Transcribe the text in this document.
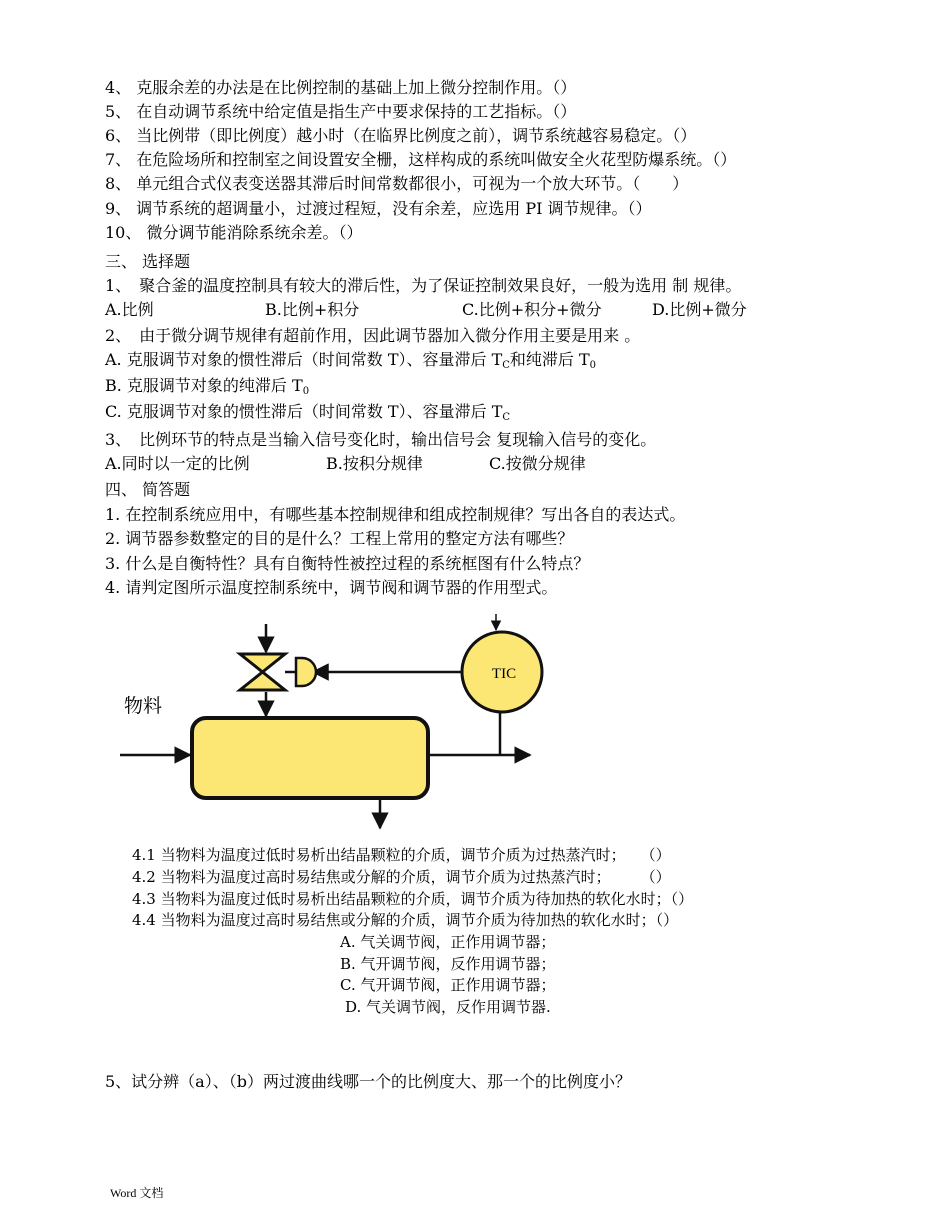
4、 克服余差的办法是在比例控制的基础上加上微分控制作用。（）
5、 在自动调节系统中给定值是指生产中要求保持的工艺指标。（）
6、 当比例带（即比例度）越小时（在临界比例度之前），调节系统越容易稳定。（）
7、 在危险场所和控制室之间设置安全栅，这样构成的系统叫做安全火花型防爆系统。（）
8、 单元组合式仪表变送器其滞后时间常数都很小，可视为一个放大环节。（　　）
9、 调节系统的超调量小，过渡过程短，没有余差，应选用 PI 调节规律。（）
10、 微分调节能消除系统余差。（）
三、 选择题
1、　聚合釜的温度控制具有较大的滞后性，为了保证控制效果良好，一般为选用 制 规律。
A.比例	B.比例+积分	C.比例+积分+微分	D.比例+微分
2、　由于微分调节规律有超前作用，因此调节器加入微分作用主要是用来 。
A. 克服调节对象的惯性滞后（时间常数 T）、容量滞后 $T_C$和纯滞后 $T_0$
B. 克服调节对象的纯滞后 $T_0$
C. 克服调节对象的惯性滞后（时间常数 T）、容量滞后 $T_C$
3、　比例环节的特点是当输入信号变化时，输出信号会 复现输入信号的变化。
A.同时以一定的比例	B.按积分规律	C.按微分规律
四、 简答题
1. 在控制系统应用中，有哪些基本控制规律和组成控制规律？写出各自的表达式。
2. 调节器参数整定的目的是什么？工程上常用的整定方法有哪些？
3. 什么是自衡特性？具有自衡特性被控过程的系统框图有什么特点？
4. 请判定图所示温度控制系统中，调节阀和调节器的作用型式。
TIC
物料
4.1 当物料为温度过低时易析出结晶颗粒的介质，调节介质为过热蒸汽时；　　（）
4.2 当物料为温度过高时易结焦或分解的介质，调节介质为过热蒸汽时；　　　（）
4.3 当物料为温度过低时易析出结晶颗粒的介质，调节介质为待加热的软化水时；（）
4.4 当物料为温度过高时易结焦或分解的介质，调节介质为待加热的软化水时；（）
A. 气关调节阀，正作用调节器；
B. 气开调节阀，反作用调节器；
C. 气开调节阀，正作用调节器；
D. 气关调节阀，反作用调节器.
5、试分辨（a）、（b）两过渡曲线哪一个的比例度大、那一个的比例度小？
Word 文档
